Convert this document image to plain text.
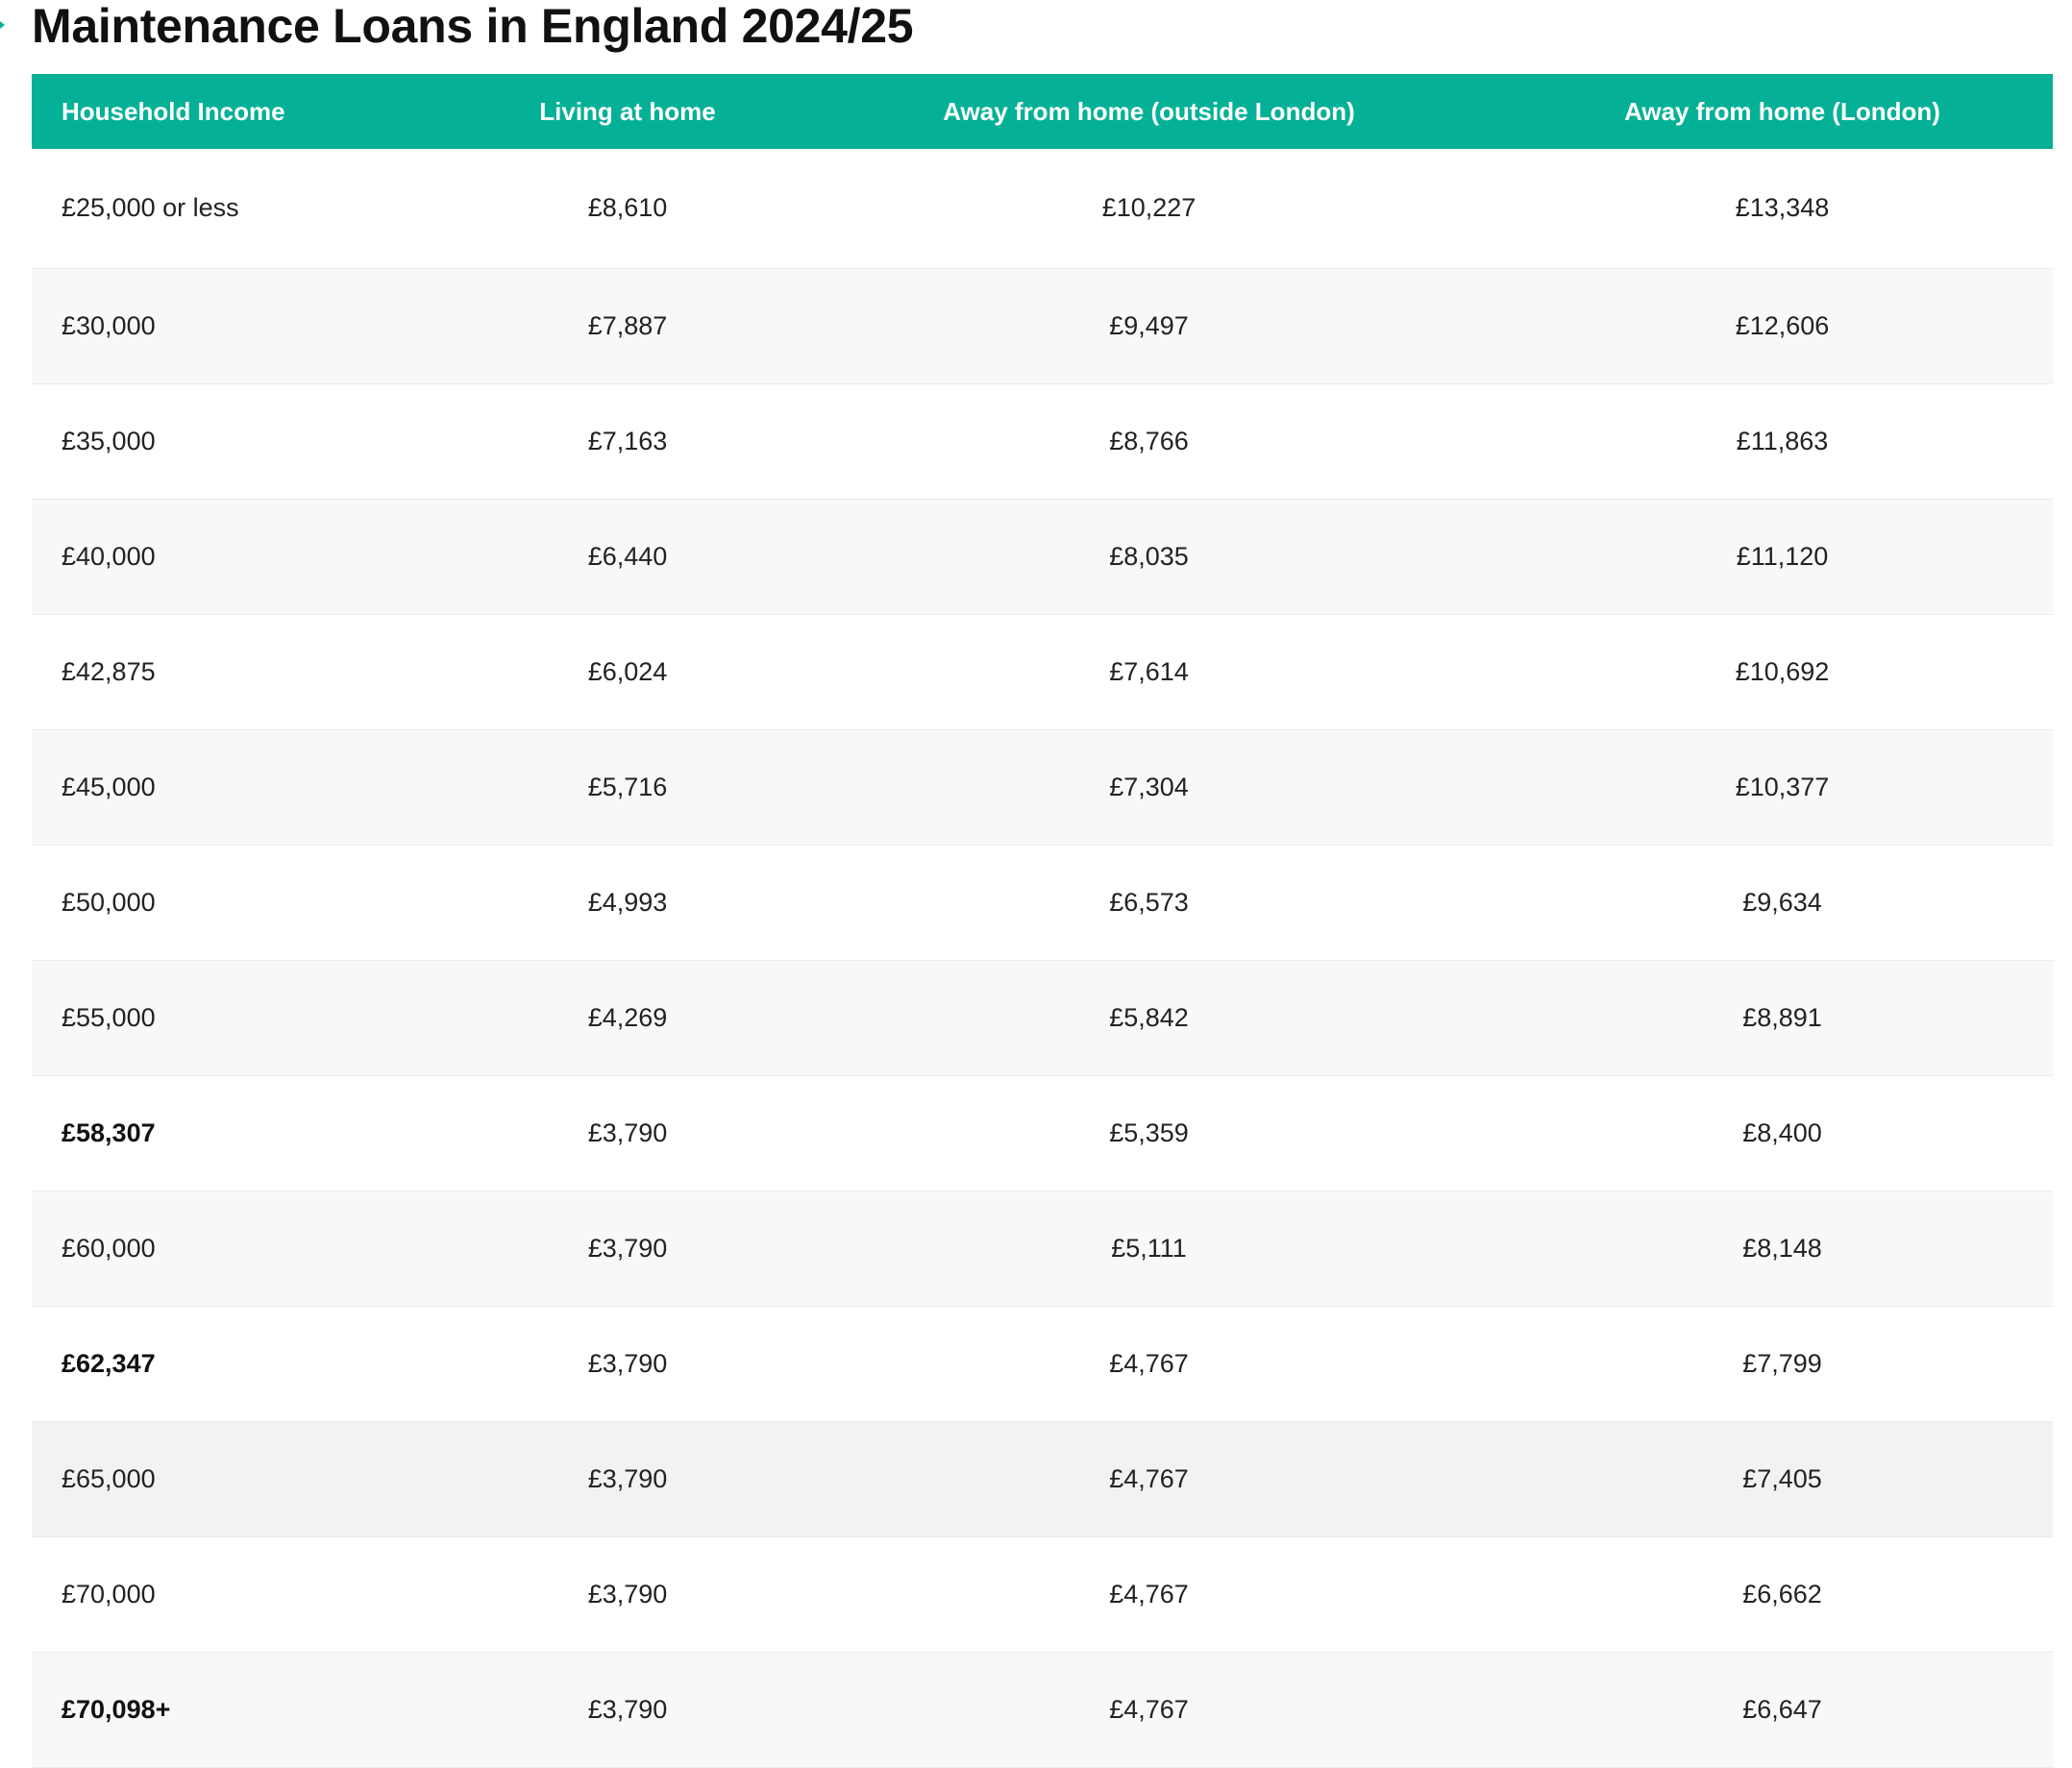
Maintenance Loans in England 2024/25
Household Income	Living at home	Away from home (outside London)	Away from home (London)
£25,000 or less	£8,610	£10,227	£13,348
£30,000	£7,887	£9,497	£12,606
£35,000	£7,163	£8,766	£11,863
£40,000	£6,440	£8,035	£11,120
£42,875	£6,024	£7,614	£10,692
£45,000	£5,716	£7,304	£10,377
£50,000	£4,993	£6,573	£9,634
£55,000	£4,269	£5,842	£8,891
£58,307	£3,790	£5,359	£8,400
£60,000	£3,790	£5,111	£8,148
£62,347	£3,790	£4,767	£7,799
£65,000	£3,790	£4,767	£7,405
£70,000	£3,790	£4,767	£6,662
£70,098+	£3,790	£4,767	£6,647
